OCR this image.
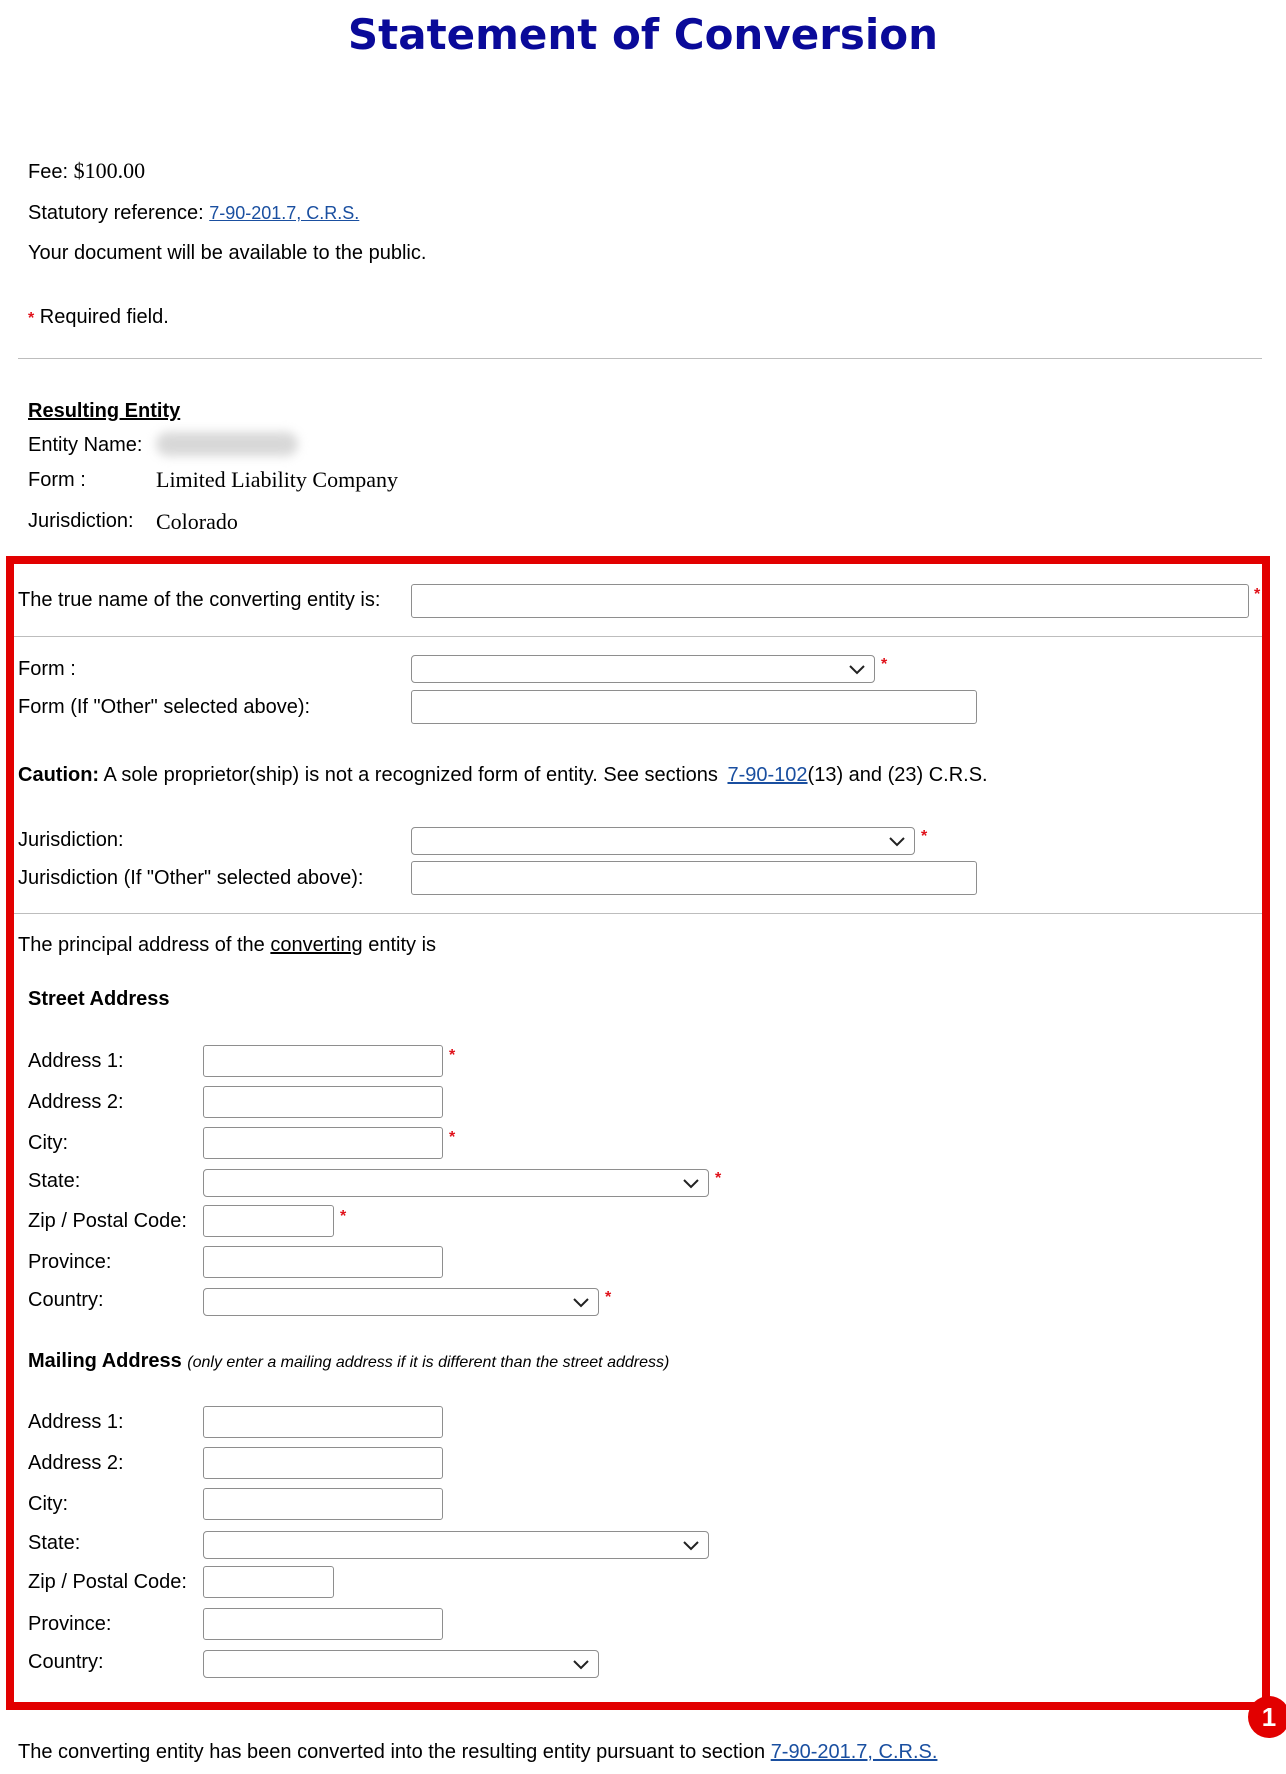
Statement of Conversion
Fee: $100.00
Statutory reference: 7-90-201.7, C.R.S.
Your document will be available to the public.
* Required field.
Resulting Entity
Entity Name:
Form :	Limited Liability Company
Jurisdiction: Colorado
The true name of the converting entity is:	*
Form :	*
Form (If "Other" selected above):
Caution: A sole proprietor(ship) is not a recognized form of entity. See sections 7-90-102(13) and (23) C.R.S.
Jurisdiction:	*
Jurisdiction (If "Other" selected above):
The principal address of the converting entity is
Street Address
Address 1:	*
Address 2:
City:	*
State:	*
Zip / Postal Code:	*
Province:
Country:	*
Mailing Address (only enter a mailing address if it is different than the street address)
Address 1:
Address 2:
City:
State:
Zip / Postal Code:
Province:
Country:
1
The converting entity has been converted into the resulting entity pursuant to section 7-90-201.7, C.R.S.
